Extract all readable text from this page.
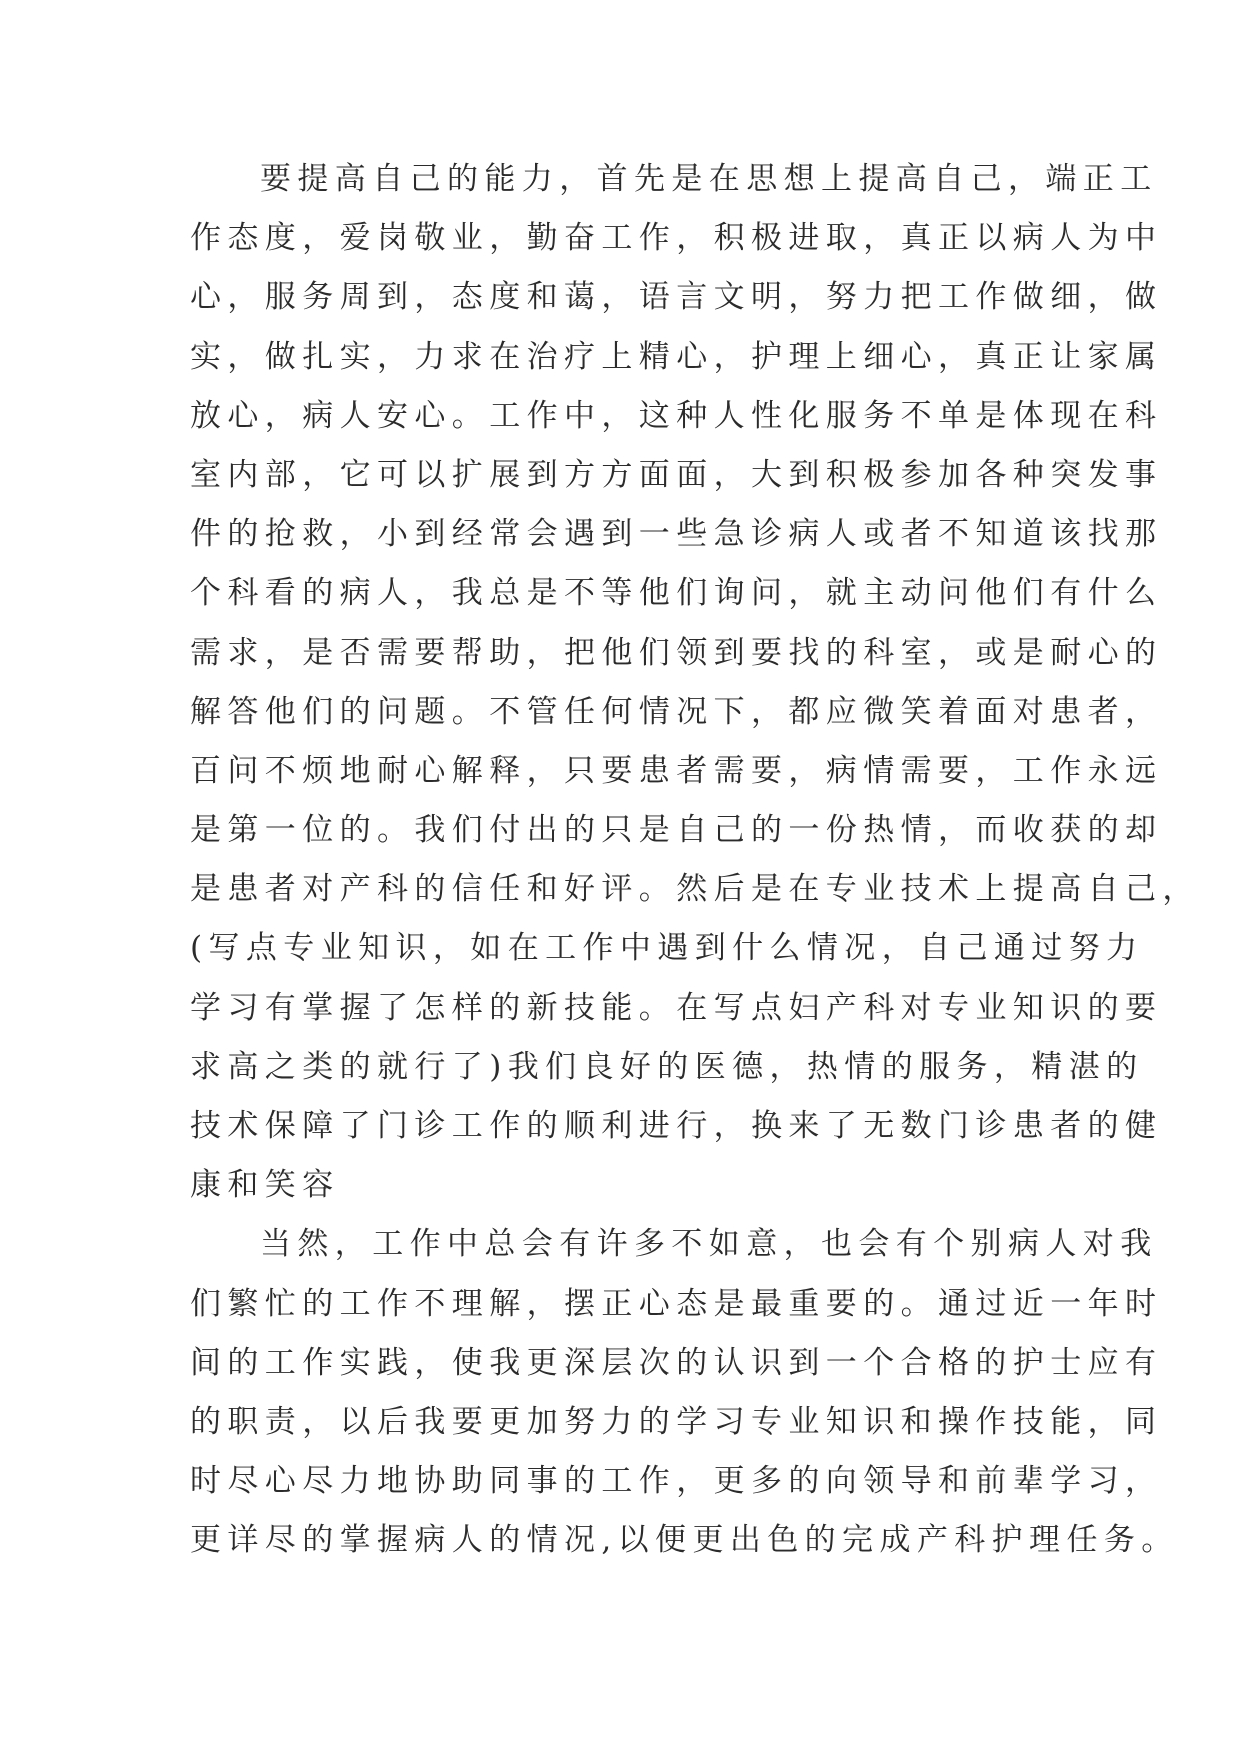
要提高自己的能力，首先是在思想上提高自己，端正工
作态度，爱岗敬业，勤奋工作，积极进取，真正以病人为中
心，服务周到，态度和蔼，语言文明，努力把工作做细，做
实，做扎实，力求在治疗上精心，护理上细心，真正让家属
放心，病人安心。工作中，这种人性化服务不单是体现在科
室内部，它可以扩展到方方面面，大到积极参加各种突发事
件的抢救，小到经常会遇到一些急诊病人或者不知道该找那
个科看的病人，我总是不等他们询问，就主动问他们有什么
需求，是否需要帮助，把他们领到要找的科室，或是耐心的
解答他们的问题。不管任何情况下，都应微笑着面对患者，
百问不烦地耐心解释，只要患者需要，病情需要，工作永远
是第一位的。我们付出的只是自己的一份热情，而收获的却
是患者对产科的信任和好评。然后是在专业技术上提高自己，
(写点专业知识，如在工作中遇到什么情况，自己通过努力
学习有掌握了怎样的新技能。在写点妇产科对专业知识的要
求高之类的就行了)我们良好的医德，热情的服务，精湛的
技术保障了门诊工作的顺利进行，换来了无数门诊患者的健
康和笑容
当然，工作中总会有许多不如意，也会有个别病人对我
们繁忙的工作不理解，摆正心态是最重要的。通过近一年时
间的工作实践，使我更深层次的认识到一个合格的护士应有
的职责，以后我要更加努力的学习专业知识和操作技能，同
时尽心尽力地协助同事的工作，更多的向领导和前辈学习，
更详尽的掌握病人的情况,以便更出色的完成产科护理任务。
